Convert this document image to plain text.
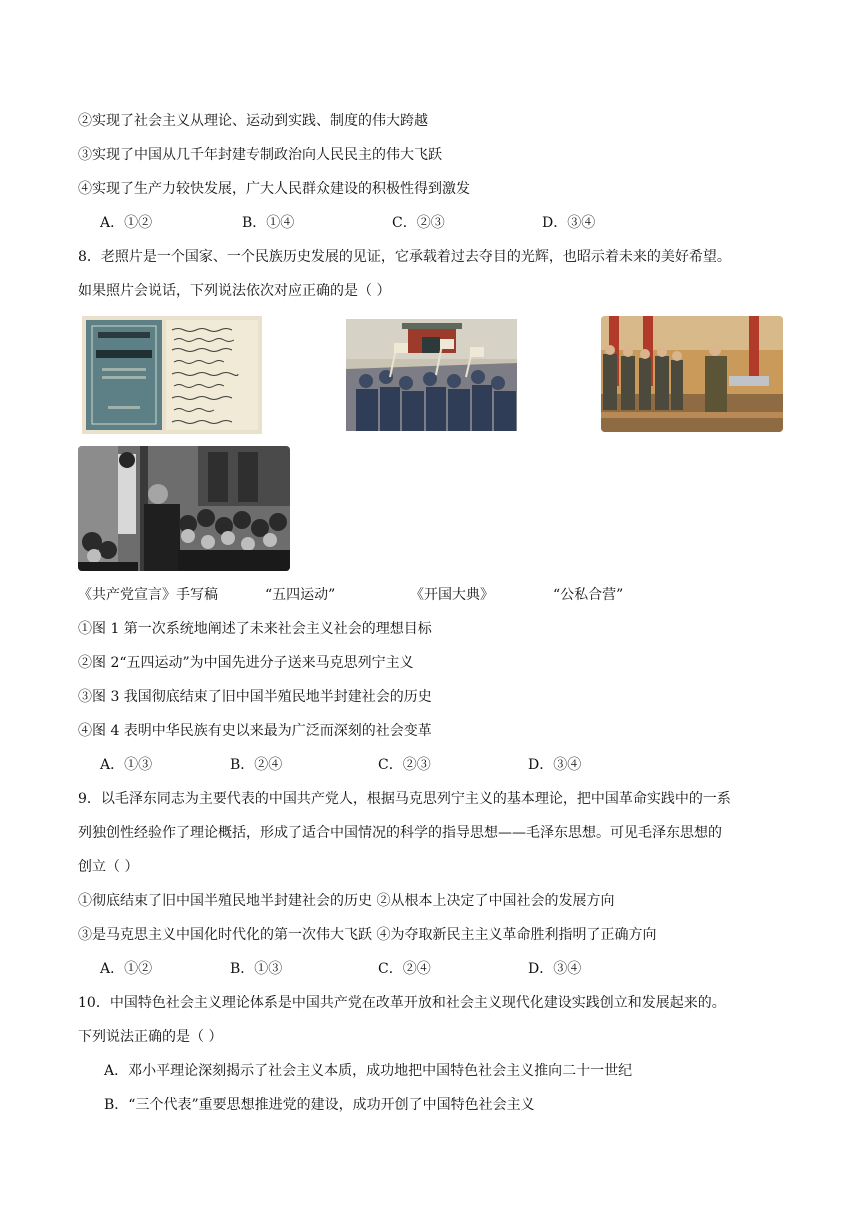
②实现了社会主义从理论、运动到实践、制度的伟大跨越
③实现了中国从几千年封建专制政治向人民民主的伟大飞跃
④实现了生产力较快发展，广大人民群众建设的积极性得到激发
A．①②	B．①④	C．②③	D．③④
8．老照片是一个国家、一个民族历史发展的见证，它承载着过去夺目的光辉，也昭示着未来的美好希望。
如果照片会说话，下列说法依次对应正确的是（ ）
《共产党宣言》手写稿	“五四运动”	《开国大典》	“公私合营”
①图 1 第一次系统地阐述了未来社会主义社会的理想目标
②图 2“五四运动”为中国先进分子送来马克思列宁主义
③图 3 我国彻底结束了旧中国半殖民地半封建社会的历史
④图 4 表明中华民族有史以来最为广泛而深刻的社会变革
A．①③	B．②④	C．②③	D．③④
9．以毛泽东同志为主要代表的中国共产党人，根据马克思列宁主义的基本理论，把中国革命实践中的一系
列独创性经验作了理论概括，形成了适合中国情况的科学的指导思想——毛泽东思想。可见毛泽东思想的
创立（ ）
①彻底结束了旧中国半殖民地半封建社会的历史 ②从根本上决定了中国社会的发展方向
③是马克思主义中国化时代化的第一次伟大飞跃 ④为夺取新民主主义革命胜利指明了正确方向
A．①②	B．①③	C．②④	D．③④
10．中国特色社会主义理论体系是中国共产党在改革开放和社会主义现代化建设实践创立和发展起来的。
下列说法正确的是（ ）
A．邓小平理论深刻揭示了社会主义本质，成功地把中国特色社会主义推向二十一世纪
B．“三个代表”重要思想推进党的建设，成功开创了中国特色社会主义
